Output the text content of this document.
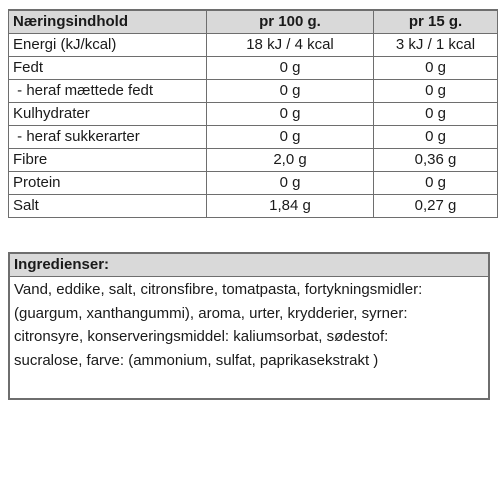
Næringsindhold	pr 100 g.	pr 15 g.
Energi (kJ/kcal)	18 kJ / 4 kcal	3 kJ / 1 kcal
Fedt	0 g	0 g
- heraf mættede fedt	0 g	0 g
Kulhydrater	0 g	0 g
- heraf sukkerarter	0 g	0 g
Fibre	2,0 g	0,36 g
Protein	0 g	0 g
Salt	1,84 g	0,27 g
Ingredienser:
Vand, eddike, salt, citronsfibre, tomatpasta, fortykningsmidler:
(guargum, xanthangummi), aroma, urter, krydderier, syrner:
citronsyre, konserveringsmiddel: kaliumsorbat, sødestof:
sucralose, farve: (ammonium, sulfat, paprikasekstrakt )
